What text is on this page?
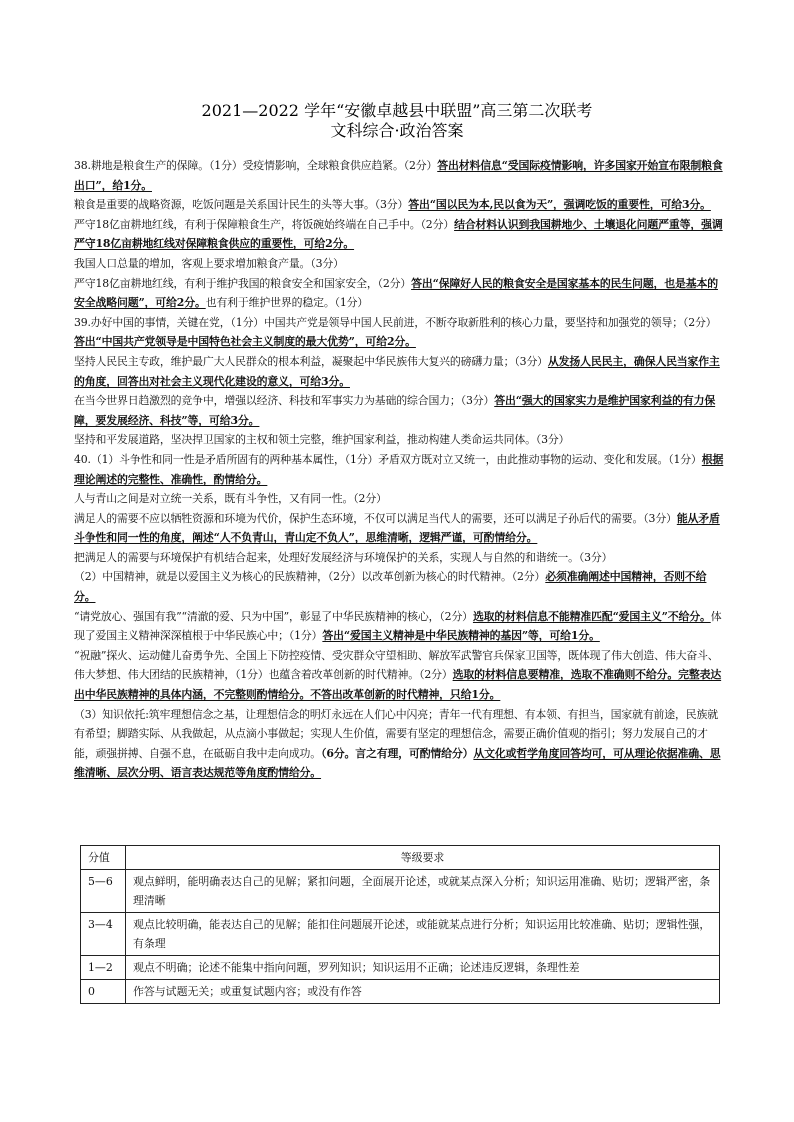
2021—2022 学年“安徽卓越县中联盟”高三第二次联考
文科综合·政治答案

38.耕地是粮食生产的保障。（1分）受疫情影响，全球粮食供应趋紧。（2分）答出材料信息“受国际疫情影响，许多国家开始宣布限制粮食出口”，给1分。

粮食是重要的战略资源，吃饭问题是关系国计民生的头等大事。（3分）答出“国以民为本,民以食为天”，强调吃饭的重要性，可给3分。

严守18亿亩耕地红线，有利于保障粮食生产，将饭碗始终端在自己手中。（2分）结合材料认识到我国耕地少、土壤退化问题严重等，强调严守18亿亩耕地红线对保障粮食供应的重要性，可给2分。

我国人口总量的增加，客观上要求增加粮食产量。（3分）

严守18亿亩耕地红线，有利于维护我国的粮食安全和国家安全，（2分）答出“保障好人民的粮食安全是国家基本的民生问题，也是基本的安全战略问题”，可给2分。也有利于维护世界的稳定。（1分）

39.办好中国的事情，关键在党，（1分）中国共产党是领导中国人民前进，不断夺取新胜利的核心力量，要坚持和加强党的领导；（2分）答出“中国共产党领导是中国特色社会主义制度的最大优势”，可给2分。

坚持人民民主专政，维护最广大人民群众的根本利益，凝聚起中华民族伟大复兴的磅礴力量；（3分）从发扬人民民主，确保人民当家作主的角度，回答出对社会主义现代化建设的意义，可给3分。

在当今世界日趋激烈的竞争中，增强以经济、科技和军事实力为基础的综合国力；（3分）答出“强大的国家实力是维护国家利益的有力保障，要发展经济、科技”等，可给3分。

坚持和平发展道路，坚决捍卫国家的主权和领土完整，维护国家利益，推动构建人类命运共同体。（3分）

40.（1）斗争性和同一性是矛盾所固有的两种基本属性，（1分）矛盾双方既对立又统一，由此推动事物的运动、变化和发展。（1分）根据理论阐述的完整性、准确性，酌情给分。

人与青山之间是对立统一关系，既有斗争性，又有同一性。（2分）

满足人的需要不应以牺牲资源和环境为代价，保护生态环境，不仅可以满足当代人的需要，还可以满足子孙后代的需要。（3分）能从矛盾斗争性和同一性的角度，阐述“人不负青山，青山定不负人”，思维清晰，逻辑严谨，可酌情给分。

把满足人的需要与环境保护有机结合起来，处理好发展经济与环境保护的关系，实现人与自然的和谐统一。（3分）

（2）中国精神，就是以爱国主义为核心的民族精神，（2分）以改革创新为核心的时代精神。（2分）必须准确阐述中国精神，否则不给分。

“请党放心、强国有我”“清澈的爱、只为中国”，彰显了中华民族精神的核心，（2分）选取的材料信息不能精准匹配“爱国主义”不给分。体现了爱国主义精神深深植根于中华民族心中；（1分）答出“爱国主义精神是中华民族精神的基因”等，可给1分。

“祝融”探火、运动健儿奋勇争先、全国上下防控疫情、受灾群众守望相助、解放军武警官兵保家卫国等，既体现了伟大创造、伟大奋斗、伟大梦想、伟大团结的民族精神，（1分）也蕴含着改革创新的时代精神。（2分）选取的材料信息要精准，选取不准确则不给分。完整表达出中华民族精神的具体内涵，不完整则酌情给分。不答出改革创新的时代精神，只给1分。

（3）知识依托:筑牢理想信念之基，让理想信念的明灯永远在人们心中闪亮；青年一代有理想、有本领、有担当，国家就有前途，民族就有希望；脚踏实际、从我做起，从点滴小事做起；实现人生价值，需要有坚定的理想信念，需要正确价值观的指引；努力发展自己的才能，顽强拼搏、自强不息，在砥砺自我中走向成功。（6分。言之有理，可酌情给分）从文化或哲学角度回答均可，可从理论依据准确、思维清晰、层次分明、语言表达规范等角度酌情给分。

分值	等级要求
5—6	观点鲜明，能明确表达自己的见解；紧扣问题，全面展开论述，或就某点深入分析；知识运用准确、贴切；逻辑严密，条理清晰
3—4	观点比较明确，能表达自己的见解；能扣住问题展开论述，或能就某点进行分析；知识运用比较准确、贴切；逻辑性强，有条理
1—2	观点不明确；论述不能集中指向问题，罗列知识；知识运用不正确；论述违反逻辑，条理性差
0	作答与试题无关；或重复试题内容；或没有作答
